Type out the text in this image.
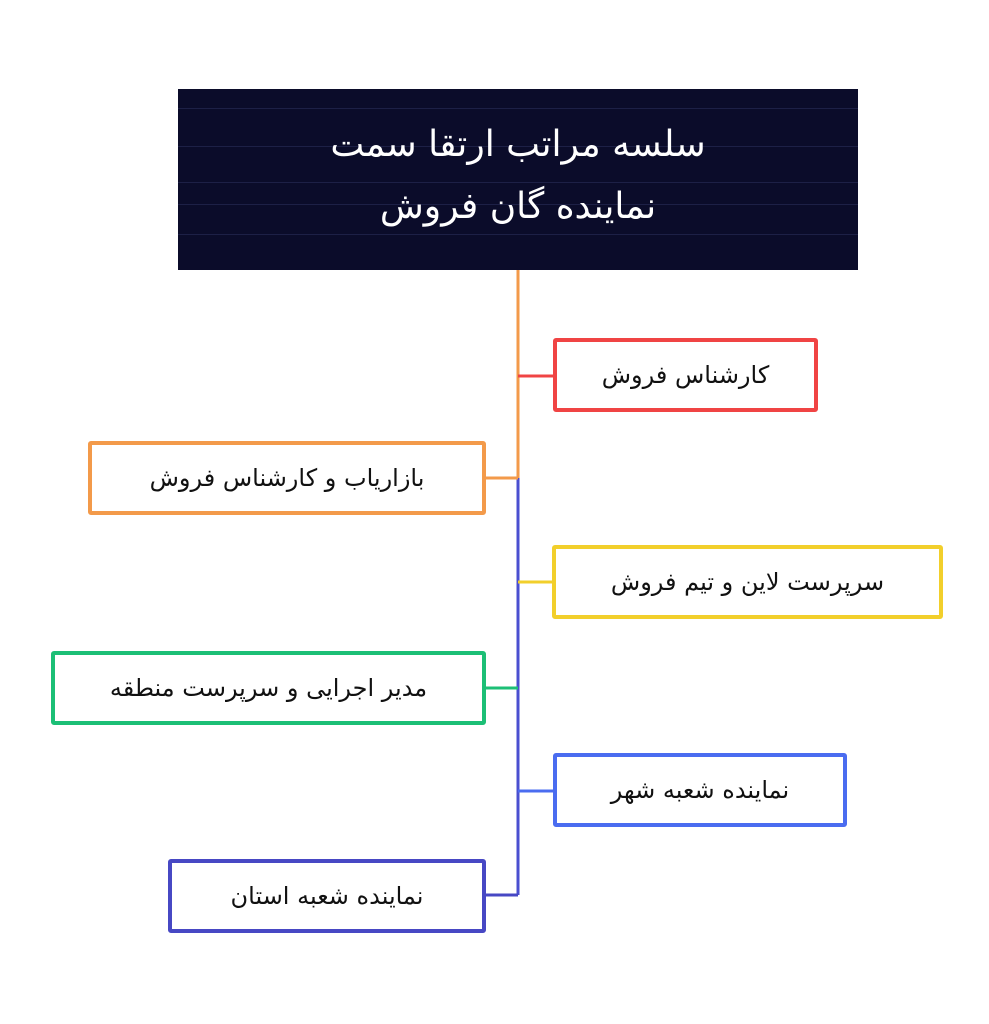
سلسه مراتب ارتقا سمت
نماینده گان فروش
کارشناس فروش
بازاریاب و کارشناس فروش
سرپرست لاین و تیم فروش
مدیر اجرایی و سرپرست منطقه
نماینده شعبه شهر
نماینده شعبه استان
